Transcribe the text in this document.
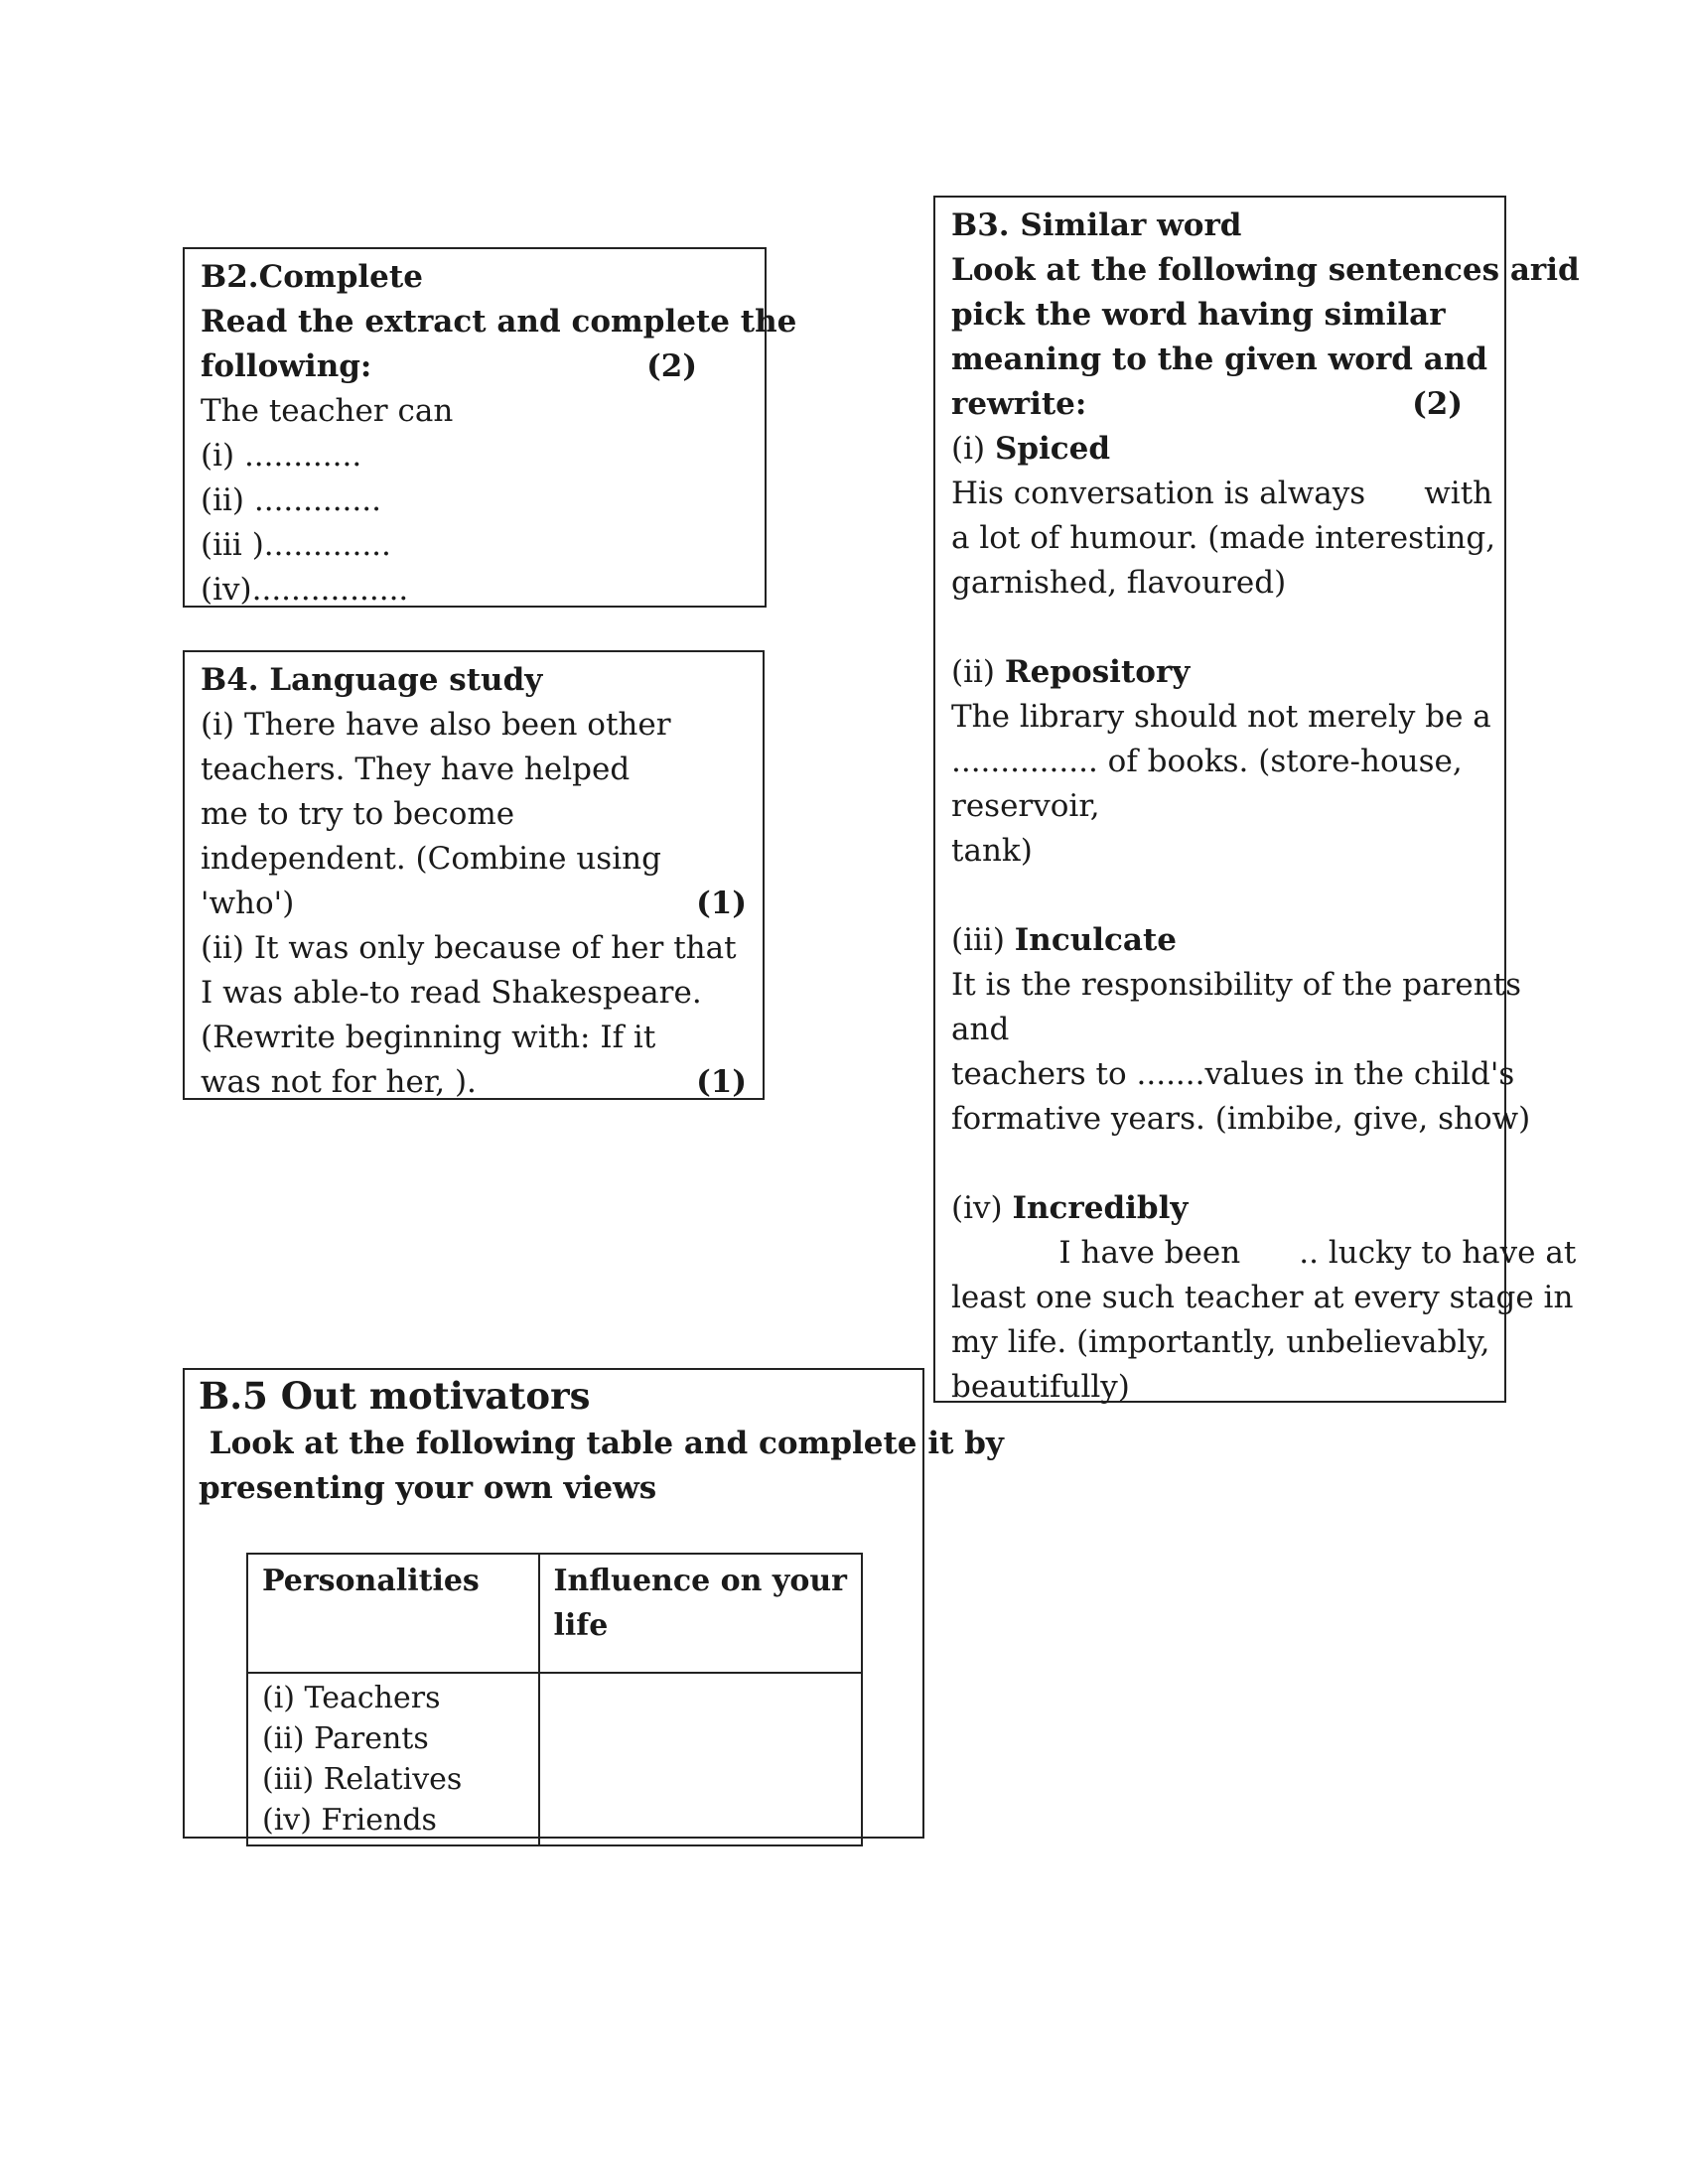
B2.Complete
Read the extract and complete the
following:	(2)
The teacher can
(i) ............
(ii) .............
(iii ).............
(iv)................
B4. Language study
(i) There have also been other
teachers. They have helped
me to try to become
independent. (Combine using
'who')	(1)
(ii) It was only because of her that
I was able-to read Shakespeare.
(Rewrite beginning with: If it
was not for her, ).	(1)
B3. Similar word
Look at the following sentences arid
pick the word having similar
meaning to the given word and
rewrite:	(2)
(i) Spiced
His conversation is always      with
a lot of humour. (made interesting,
garnished, flavoured)
(ii) Repository
The library should not merely be a
............... of books. (store-house,
reservoir,
tank)
(iii) Inculcate
It is the responsibility of the parents
and
teachers to .......values in the child's
formative years. (imbibe, give, show)
(iv) Incredibly
I have been      .. lucky to have at
least one such teacher at every stage in
my life. (importantly, unbelievably,
beautifully)
B.5 Out motivators
Look at the following table and complete it by
presenting your own views
Personalities	Influence on your
life

(i) Teachers
(ii) Parents
(iii) Relatives
(iv) Friends	
